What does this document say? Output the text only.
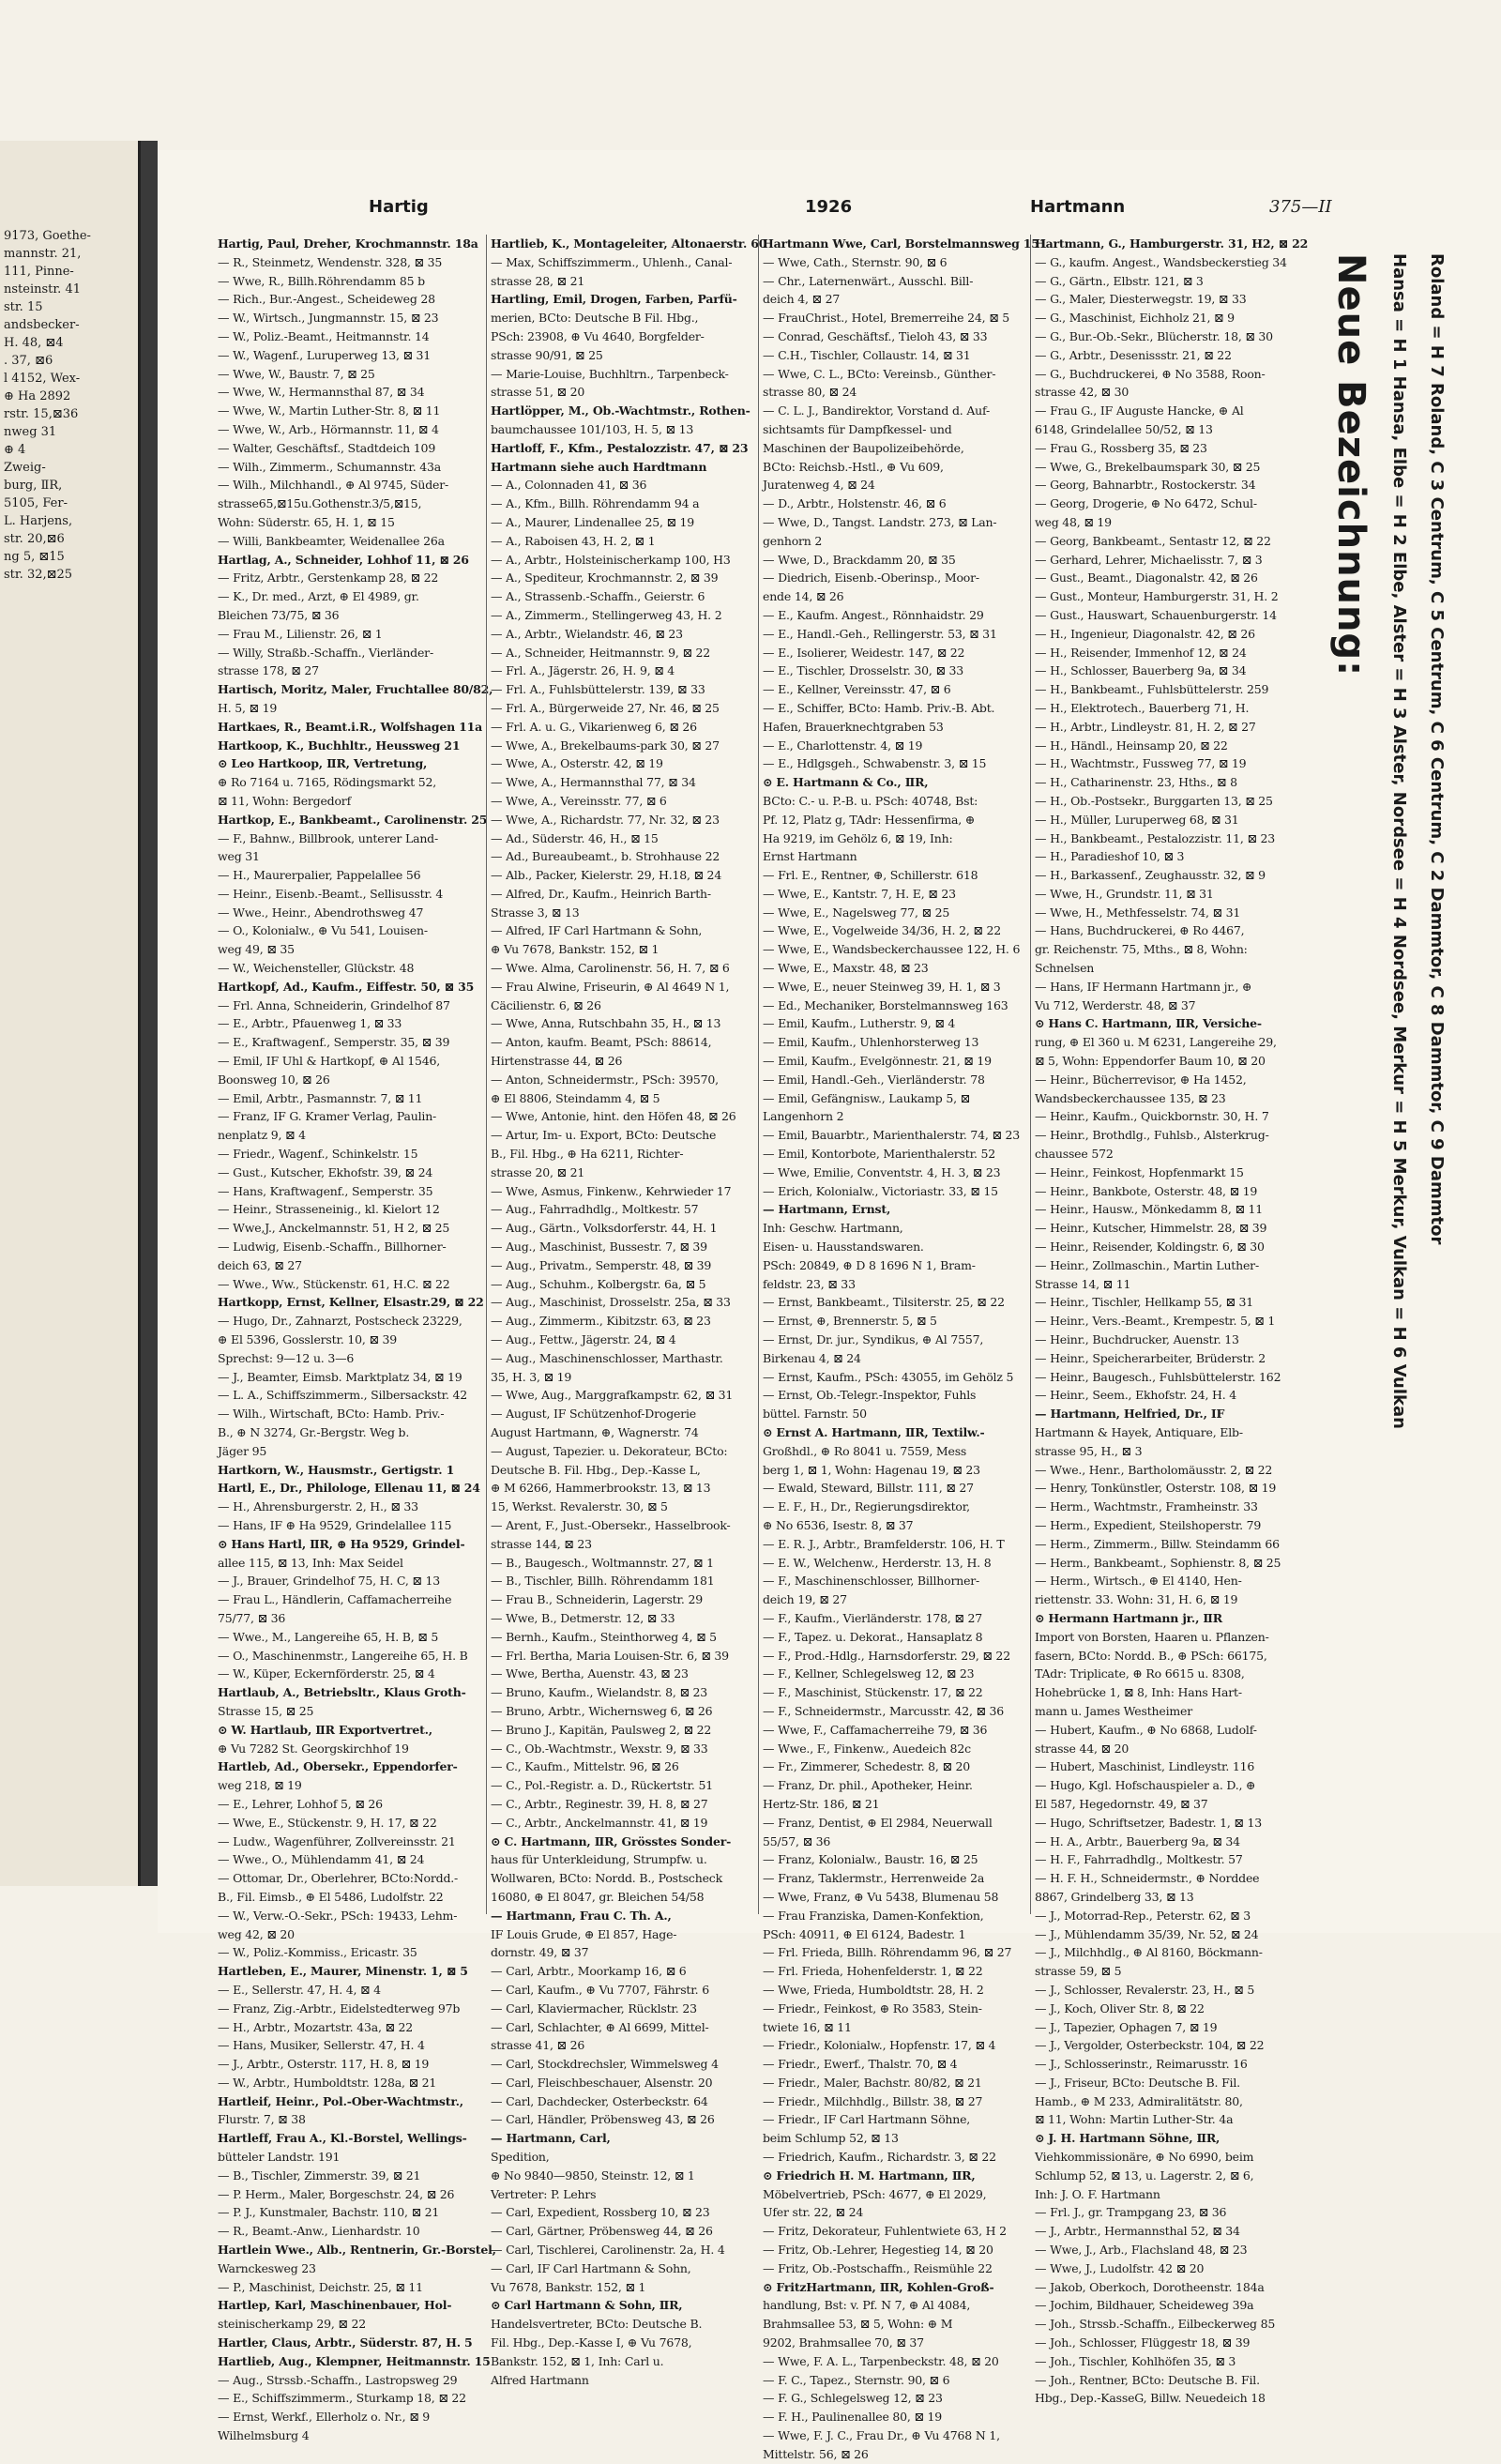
9173, Goethe-
mannstr. 21,
111, Pinne-
nsteinstr. 41
str. 15
andsbecker-
H. 48, ⊠4
. 37, ⊠6
l 4152, Wex-
⊕ Ha 2892
rstr. 15,⊠36
nweg 31
⊕ 4
Zweig-
burg, ⅡR,
5105, Fer-
L. Harjens,
str. 20,⊠6
ng 5, ⊠15
str. 32,⊠25
Hartig	1926	Hartmann	375—II
Hartig, Paul, Dreher, Krochmannstr. 18a
— R., Steinmetz, Wendenstr. 328, ⊠ 35
— Wwe, R., Billh.Röhrendamm 85 b
— Rich., Bur.-Angest., Scheideweg 28
— W., Wirtsch., Jungmannstr. 15, ⊠ 23
— W., Poliz.-Beamt., Heitmannstr. 14
— W., Wagenf., Luruperweg 13, ⊠ 31
— Wwe, W., Baustr. 7, ⊠ 25
— Wwe, W., Hermannsthal 87, ⊠ 34
— Wwe, W., Martin Luther-Str. 8, ⊠ 11
— Wwe, W., Arb., Hörmannstr. 11, ⊠ 4
— Walter, Geschäftsf., Stadtdeich 109
— Wilh., Zimmerm., Schumannstr. 43a
— Wilh., Milchhandl., ⊕ Al 9745, Süder-
strasse65,⊠15u.Gothenstr.3/5,⊠15,
Wohn: Süderstr. 65, H. 1, ⊠ 15
— Willi, Bankbeamter, Weidenallee 26a
Hartlag, A., Schneider, Lohhof 11, ⊠ 26
— Fritz, Arbtr., Gerstenkamp 28, ⊠ 22
— K., Dr. med., Arzt, ⊕ El 4989, gr.
Bleichen 73/75, ⊠ 36
— Frau M., Lilienstr. 26, ⊠ 1
— Willy, Straßb.-Schaffn., Vierländer-
strasse 178, ⊠ 27
Hartisch, Moritz, Maler, Fruchtallee 80/82,
H. 5, ⊠ 19
Hartkaes, R., Beamt.i.R., Wolfshagen 11a
Hartkoop, K., Buchhltr., Heussweg 21
⊙ Leo Hartkoop, ⅡR, Vertretung,
⊕ Ro 7164 u. 7165, Rödingsmarkt 52,
⊠ 11, Wohn: Bergedorf
Hartkop, E., Bankbeamt., Carolinenstr. 25
— F., Bahnw., Billbrook, unterer Land-
weg 31
— H., Maurerpalier, Pappelallee 56
— Heinr., Eisenb.-Beamt., Sellisusstr. 4
— Wwe., Heinr., Abendrothsweg 47
— O., Kolonialw., ⊕ Vu 541, Louisen-
weg 49, ⊠ 35
— W., Weichensteller, Glückstr. 48
Hartkopf, Ad., Kaufm., Eiffestr. 50, ⊠ 35
— Frl. Anna, Schneiderin, Grindelhof 87
— E., Arbtr., Pfauenweg 1, ⊠ 33
— E., Kraftwagenf., Semperstr. 35, ⊠ 39
— Emil, ⅠF Uhl & Hartkopf, ⊕ Al 1546,
Boonsweg 10, ⊠ 26
— Emil, Arbtr., Pasmannstr. 7, ⊠ 11
— Franz, ⅠF G. Kramer Verlag, Paulin-
nenplatz 9, ⊠ 4
— Friedr., Wagenf., Schinkelstr. 15
— Gust., Kutscher, Ekhofstr. 39, ⊠ 24
— Hans, Kraftwagenf., Semperstr. 35
— Heinr., Strasseneinig., kl. Kielort 12
— Wwe,J., Anckelmannstr. 51, H 2, ⊠ 25
— Ludwig, Eisenb.-Schaffn., Billhorner-
deich 63, ⊠ 27
— Wwe., Ww., Stückenstr. 61, H.C. ⊠ 22
Hartkopp, Ernst, Kellner, Elsastr.29, ⊠ 22
— Hugo, Dr., Zahnarzt, Postscheck 23229,
⊕ El 5396, Gosslerstr. 10, ⊠ 39
Sprechst: 9—12 u. 3—6
— J., Beamter, Eimsb. Marktplatz 34, ⊠ 19
— L. A., Schiffszimmerm., Silbersackstr. 42
— Wilh., Wirtschaft, BCto: Hamb. Priv.-
B., ⊕ N 3274, Gr.-Bergstr. Weg b.
Jäger 95
Hartkorn, W., Hausmstr., Gertigstr. 1
Hartl, E., Dr., Philologe, Ellenau 11, ⊠ 24
— H., Ahrensburgerstr. 2, H., ⊠ 33
— Hans, ⅠF ⊕ Ha 9529, Grindelallee 115
⊙ Hans Hartl, ⅡR, ⊕ Ha 9529, Grindel-
allee 115, ⊠ 13, Inh: Max Seidel
— J., Brauer, Grindelhof 75, H. C, ⊠ 13
— Frau L., Händlerin, Caffamacherreihe
75/77, ⊠ 36
— Wwe., M., Langereihe 65, H. B, ⊠ 5
— O., Maschinenmstr., Langereihe 65, H. B
— W., Küper, Eckernförderstr. 25, ⊠ 4
Hartlaub, A., Betriebsltr., Klaus Groth-
Strasse 15, ⊠ 25
⊙ W. Hartlaub, ⅡR Exportvertret.,
⊕ Vu 7282 St. Georgskirchhof 19
Hartleb, Ad., Obersekr., Eppendorfer-
weg 218, ⊠ 19
— E., Lehrer, Lohhof 5, ⊠ 26
— Wwe, E., Stückenstr. 9, H. 17, ⊠ 22
— Ludw., Wagenführer, Zollvereinsstr. 21
— Wwe., O., Mühlendamm 41, ⊠ 24
— Ottomar, Dr., Oberlehrer, BCto:Nordd.-
B., Fil. Eimsb., ⊕ El 5486, Ludolfstr. 22
— W., Verw.-O.-Sekr., PSch: 19433, Lehm-
weg 42, ⊠ 20
— W., Poliz.-Kommiss., Ericastr. 35
Hartleben, E., Maurer, Minenstr. 1, ⊠ 5
— E., Sellerstr. 47, H. 4, ⊠ 4
— Franz, Zig.-Arbtr., Eidelstedterweg 97b
— H., Arbtr., Mozartstr. 43a, ⊠ 22
— Hans, Musiker, Sellerstr. 47, H. 4
— J., Arbtr., Osterstr. 117, H. 8, ⊠ 19
— W., Arbtr., Humboldtstr. 128a, ⊠ 21
Hartleif, Heinr., Pol.-Ober-Wachtmstr.,
Flurstr. 7, ⊠ 38
Hartleff, Frau A., Kl.-Borstel, Wellings-
bütteler Landstr. 191
— B., Tischler, Zimmerstr. 39, ⊠ 21
— P. Herm., Maler, Borgeschstr. 24, ⊠ 26
— P. J., Kunstmaler, Bachstr. 110, ⊠ 21
— R., Beamt.-Anw., Lienhardstr. 10
Hartlein Wwe., Alb., Rentnerin, Gr.-Borstel,
Warnckesweg 23
— P., Maschinist, Deichstr. 25, ⊠ 11
Hartlep, Karl, Maschinenbauer, Hol-
steinischerkamp 29, ⊠ 22
Hartler, Claus, Arbtr., Süderstr. 87, H. 5
Hartlieb, Aug., Klempner, Heitmannstr. 15
— Aug., Strssb.-Schaffn., Lastropsweg 29
— E., Schiffszimmerm., Sturkamp 18, ⊠ 22
— Ernst, Werkf., Ellerholz o. Nr., ⊠ 9
Wilhelmsburg 4
Hartlieb, K., Montageleiter, Altonaerstr. 60
— Max, Schiffszimmerm., Uhlenh., Canal-
strasse 28, ⊠ 21
Hartling, Emil, Drogen, Farben, Parfü-
merien, BCto: Deutsche B Fil. Hbg.,
PSch: 23908, ⊕ Vu 4640, Borgfelder-
strasse 90/91, ⊠ 25
— Marie-Louise, Buchhltrn., Tarpenbeck-
strasse 51, ⊠ 20
Hartlöpper, M., Ob.-Wachtmstr., Rothen-
baumchaussee 101/103, H. 5, ⊠ 13
Hartloff, F., Kfm., Pestalozzistr. 47, ⊠ 23
Hartmann siehe auch Hardtmann
— A., Colonnaden 41, ⊠ 36
— A., Kfm., Billh. Röhrendamm 94 a
— A., Maurer, Lindenallee 25, ⊠ 19
— A., Raboisen 43, H. 2, ⊠ 1
— A., Arbtr., Holsteinischerkamp 100, H3
— A., Spediteur, Krochmannstr. 2, ⊠ 39
— A., Strassenb.-Schaffn., Geierstr. 6
— A., Zimmerm., Stellingerweg 43, H. 2
— A., Arbtr., Wielandstr. 46, ⊠ 23
— A., Schneider, Heitmannstr. 9, ⊠ 22
— Frl. A., Jägerstr. 26, H. 9, ⊠ 4
— Frl. A., Fuhlsbüttelerstr. 139, ⊠ 33
— Frl. A., Bürgerweide 27, Nr. 46, ⊠ 25
— Frl. A. u. G., Vikarienweg 6, ⊠ 26
— Wwe, A., Brekelbaums-park 30, ⊠ 27
— Wwe, A., Osterstr. 42, ⊠ 19
— Wwe, A., Hermannsthal 77, ⊠ 34
— Wwe, A., Vereinsstr. 77, ⊠ 6
— Wwe, A., Richardstr. 77, Nr. 32, ⊠ 23
— Ad., Süderstr. 46, H., ⊠ 15
— Ad., Bureaubeamt., b. Strohhause 22
— Alb., Packer, Kielerstr. 29, H.18, ⊠ 24
— Alfred, Dr., Kaufm., Heinrich Barth-
Strasse 3, ⊠ 13
— Alfred, ⅠF Carl Hartmann & Sohn,
⊕ Vu 7678, Bankstr. 152, ⊠ 1
— Wwe. Alma, Carolinenstr. 56, H. 7, ⊠ 6
— Frau Alwine, Friseurin, ⊕ Al 4649 N 1,
Cäcilienstr. 6, ⊠ 26
— Wwe, Anna, Rutschbahn 35, H., ⊠ 13
— Anton, kaufm. Beamt, PSch: 88614,
Hirtenstrasse 44, ⊠ 26
— Anton, Schneidermstr., PSch: 39570,
⊕ El 8806, Steindamm 4, ⊠ 5
— Wwe, Antonie, hint. den Höfen 48, ⊠ 26
— Artur, Im- u. Export, BCto: Deutsche
B., Fil. Hbg., ⊕ Ha 6211, Richter-
strasse 20, ⊠ 21
— Wwe, Asmus, Finkenw., Kehrwieder 17
— Aug., Fahrradhdlg., Moltkestr. 57
— Aug., Gärtn., Volksdorferstr. 44, H. 1
— Aug., Maschinist, Bussestr. 7, ⊠ 39
— Aug., Privatm., Semperstr. 48, ⊠ 39
— Aug., Schuhm., Kolbergstr. 6a, ⊠ 5
— Aug., Maschinist, Drosselstr. 25a, ⊠ 33
— Aug., Zimmerm., Kibitzstr. 63, ⊠ 23
— Aug., Fettw., Jägerstr. 24, ⊠ 4
— Aug., Maschinenschlosser, Marthastr.
35, H. 3, ⊠ 19
— Wwe, Aug., Marggrafkampstr. 62, ⊠ 31
— August, ⅠF Schützenhof-Drogerie
August Hartmann, ⊕, Wagnerstr. 74
— August, Tapezier. u. Dekorateur, BCto:
Deutsche B. Fil. Hbg., Dep.-Kasse L,
⊕ M 6266, Hammerbrookstr. 13, ⊠ 13
15, Werkst. Revalerstr. 30, ⊠ 5
— Arent, F., Just.-Obersekr., Hasselbrook-
strasse 144, ⊠ 23
— B., Baugesch., Woltmannstr. 27, ⊠ 1
— B., Tischler, Billh. Röhrendamm 181
— Frau B., Schneiderin, Lagerstr. 29
— Wwe, B., Detmerstr. 12, ⊠ 33
— Bernh., Kaufm., Steinthorweg 4, ⊠ 5
— Frl. Bertha, Maria Louisen-Str. 6, ⊠ 39
— Wwe, Bertha, Auenstr. 43, ⊠ 23
— Bruno, Kaufm., Wielandstr. 8, ⊠ 23
— Bruno, Arbtr., Wichernsweg 6, ⊠ 26
— Bruno J., Kapitän, Paulsweg 2, ⊠ 22
— C., Ob.-Wachtmstr., Wexstr. 9, ⊠ 33
— C., Kaufm., Mittelstr. 96, ⊠ 26
— C., Pol.-Registr. a. D., Rückertstr. 51
— C., Arbtr., Reginestr. 39, H. 8, ⊠ 27
— C., Arbtr., Anckelmannstr. 41, ⊠ 19
⊙ C. Hartmann, ⅡR, Grösstes Sonder-
haus für Unterkleidung, Strumpfw. u.
Wollwaren, BCto: Nordd. B., Postscheck
16080, ⊕ El 8047, gr. Bleichen 54/58
— Hartmann, Frau C. Th. A.,
ⅠF Louis Grude, ⊕ El 857, Hage-
dornstr. 49, ⊠ 37
— Carl, Arbtr., Moorkamp 16, ⊠ 6
— Carl, Kaufm., ⊕ Vu 7707, Fährstr. 6
— Carl, Klaviermacher, Rücklstr. 23
— Carl, Schlachter, ⊕ Al 6699, Mittel-
strasse 41, ⊠ 26
— Carl, Stockdrechsler, Wimmelsweg 4
— Carl, Fleischbeschauer, Alsenstr. 20
— Carl, Dachdecker, Osterbeckstr. 64
— Carl, Händler, Pröbensweg 43, ⊠ 26
— Hartmann, Carl,
Spedition,
⊕ No 9840—9850, Steinstr. 12, ⊠ 1
Vertreter: P. Lehrs
— Carl, Expedient, Rossberg 10, ⊠ 23
— Carl, Gärtner, Pröbensweg 44, ⊠ 26
— Carl, Tischlerei, Carolinenstr. 2a, H. 4
— Carl, ⅠF Carl Hartmann & Sohn,
Vu 7678, Bankstr. 152, ⊠ 1
⊙ Carl Hartmann & Sohn, ⅡR,
Handelsvertreter, BCto: Deutsche B.
Fil. Hbg., Dep.-Kasse I, ⊕ Vu 7678,
Bankstr. 152, ⊠ 1, Inh: Carl u.
Alfred Hartmann
Hartmann Wwe, Carl, Borstelmannsweg 151
— Wwe, Cath., Sternstr. 90, ⊠ 6
— Chr., Laternenwärt., Ausschl. Bill-
deich 4, ⊠ 27
— FrauChrist., Hotel, Bremerreihe 24, ⊠ 5
— Conrad, Geschäftsf., Tieloh 43, ⊠ 33
— C.H., Tischler, Collaustr. 14, ⊠ 31
— Wwe, C. L., BCto: Vereinsb., Günther-
strasse 80, ⊠ 24
— C. L. J., Bandirektor, Vorstand d. Auf-
sichtsamts für Dampfkessel- und
Maschinen der Baupolizeibehörde,
BCto: Reichsb.-Hstl., ⊕ Vu 609,
Juratenweg 4, ⊠ 24
— D., Arbtr., Holstenstr. 46, ⊠ 6
— Wwe, D., Tangst. Landstr. 273, ⊠ Lan-
genhorn 2
— Wwe, D., Brackdamm 20, ⊠ 35
— Diedrich, Eisenb.-Oberinsp., Moor-
ende 14, ⊠ 26
— E., Kaufm. Angest., Rönnhaidstr. 29
— E., Handl.-Geh., Rellingerstr. 53, ⊠ 31
— E., Isolierer, Weidestr. 147, ⊠ 22
— E., Tischler, Drosselstr. 30, ⊠ 33
— E., Kellner, Vereinsstr. 47, ⊠ 6
— E., Schiffer, BCto: Hamb. Priv.-B. Abt.
Hafen, Brauerknechtgraben 53
— E., Charlottenstr. 4, ⊠ 19
— E., Hdlgsgeh., Schwabenstr. 3, ⊠ 15
⊙ E. Hartmann & Co., ⅡR,
BCto: C.- u. P.-B. u. PSch: 40748, Bst:
Pf. 12, Platz g, TAdr: Hessenfirma, ⊕
Ha 9219, im Gehölz 6, ⊠ 19, Inh:
Ernst Hartmann
— Frl. E., Rentner, ⊕, Schillerstr. 618
— Wwe, E., Kantstr. 7, H. E, ⊠ 23
— Wwe, E., Nagelsweg 77, ⊠ 25
— Wwe, E., Vogelweide 34/36, H. 2, ⊠ 22
— Wwe, E., Wandsbeckerchaussee 122, H. 6
— Wwe, E., Maxstr. 48, ⊠ 23
— Wwe, E., neuer Steinweg 39, H. 1, ⊠ 3
— Ed., Mechaniker, Borstelmannsweg 163
— Emil, Kaufm., Lutherstr. 9, ⊠ 4
— Emil, Kaufm., Uhlenhorsterweg 13
— Emil, Kaufm., Evelgönnestr. 21, ⊠ 19
— Emil, Handl.-Geh., Vierländerstr. 78
— Emil, Gefängnisw., Laukamp 5, ⊠
Langenhorn 2
— Emil, Bauarbtr., Marienthalerstr. 74, ⊠ 23
— Emil, Kontorbote, Marienthalerstr. 52
— Wwe, Emilie, Conventstr. 4, H. 3, ⊠ 23
— Erich, Kolonialw., Victoriastr. 33, ⊠ 15
— Hartmann, Ernst,
Inh: Geschw. Hartmann,
Eisen- u. Hausstandswaren.
PSch: 20849, ⊕ D 8 1696 N 1, Bram-
feldstr. 23, ⊠ 33
— Ernst, Bankbeamt., Tilsiterstr. 25, ⊠ 22
— Ernst, ⊕, Brennerstr. 5, ⊠ 5
— Ernst, Dr. jur., Syndikus, ⊕ Al 7557,
Birkenau 4, ⊠ 24
— Ernst, Kaufm., PSch: 43055, im Gehölz 5
— Ernst, Ob.-Telegr.-Inspektor, Fuhls
büttel. Farnstr. 50
⊙ Ernst A. Hartmann, ⅡR, Textilw.-
Großhdl., ⊕ Ro 8041 u. 7559, Mess
berg 1, ⊠ 1, Wohn: Hagenau 19, ⊠ 23
— Ewald, Steward, Billstr. 111, ⊠ 27
— E. F., H., Dr., Regierungsdirektor,
⊕ No 6536, Isestr. 8, ⊠ 37
— E. R. J., Arbtr., Bramfelderstr. 106, H. T
— E. W., Welchenw., Herderstr. 13, H. 8
— F., Maschinenschlosser, Billhorner-
deich 19, ⊠ 27
— F., Kaufm., Vierländerstr. 178, ⊠ 27
— F., Tapez. u. Dekorat., Hansaplatz 8
— F., Prod.-Hdlg., Harnsdorferstr. 29, ⊠ 22
— F., Kellner, Schlegelsweg 12, ⊠ 23
— F., Maschinist, Stückenstr. 17, ⊠ 22
— F., Schneidermstr., Marcusstr. 42, ⊠ 36
— Wwe, F., Caffamacherreihe 79, ⊠ 36
— Wwe., F., Finkenw., Auedeich 82c
— Fr., Zimmerer, Schedestr. 8, ⊠ 20
— Franz, Dr. phil., Apotheker, Heinr.
Hertz-Str. 186, ⊠ 21
— Franz, Dentist, ⊕ El 2984, Neuerwall
55/57, ⊠ 36
— Franz, Kolonialw., Baustr. 16, ⊠ 25
— Franz, Taklermstr., Herrenweide 2a
— Wwe, Franz, ⊕ Vu 5438, Blumenau 58
— Frau Franziska, Damen-Konfektion,
PSch: 40911, ⊕ El 6124, Badestr. 1
— Frl. Frieda, Billh. Röhrendamm 96, ⊠ 27
— Frl. Frieda, Hohenfelderstr. 1, ⊠ 22
— Wwe, Frieda, Humboldtstr. 28, H. 2
— Friedr., Feinkost, ⊕ Ro 3583, Stein-
twiete 16, ⊠ 11
— Friedr., Kolonialw., Hopfenstr. 17, ⊠ 4
— Friedr., Ewerf., Thalstr. 70, ⊠ 4
— Friedr., Maler, Bachstr. 80/82, ⊠ 21
— Friedr., Milchhdlg., Billstr. 38, ⊠ 27
— Friedr., ⅠF Carl Hartmann Söhne,
beim Schlump 52, ⊠ 13
— Friedrich, Kaufm., Richardstr. 3, ⊠ 22
⊙ Friedrich H. M. Hartmann, ⅡR,
Möbelvertrieb, PSch: 4677, ⊕ El 2029,
Ufer str. 22, ⊠ 24
— Fritz, Dekorateur, Fuhlentwiete 63, H 2
— Fritz, Ob.-Lehrer, Hegestieg 14, ⊠ 20
— Fritz, Ob.-Postschaffn., Reismühle 22
⊙ FritzHartmann, ⅡR, Kohlen-Groß-
handlung, Bst: v. Pf. N 7, ⊕ Al 4084,
Brahmsallee 53, ⊠ 5, Wohn: ⊕ M
9202, Brahmsallee 70, ⊠ 37
— Wwe, F. A. L., Tarpenbeckstr. 48, ⊠ 20
— F. C., Tapez., Sternstr. 90, ⊠ 6
— F. G., Schlegelsweg 12, ⊠ 23
— F. H., Paulinenallee 80, ⊠ 19
— Wwe, F. J. C., Frau Dr., ⊕ Vu 4768 N 1,
Mittelstr. 56, ⊠ 26
Hartmann, G., Hamburgerstr. 31, H2, ⊠ 22
— G., kaufm. Angest., Wandsbeckerstieg 34
— G., Gärtn., Elbstr. 121, ⊠ 3
— G., Maler, Diesterwegstr. 19, ⊠ 33
— G., Maschinist, Eichholz 21, ⊠ 9
— G., Bur.-Ob.-Sekr., Blücherstr. 18, ⊠ 30
— G., Arbtr., Desenissstr. 21, ⊠ 22
— G., Buchdruckerei, ⊕ No 3588, Roon-
strasse 42, ⊠ 30
— Frau G., ⅠF Auguste Hancke, ⊕ Al
6148, Grindelallee 50/52, ⊠ 13
— Frau G., Rossberg 35, ⊠ 23
— Wwe, G., Brekelbaumspark 30, ⊠ 25
— Georg, Bahnarbtr., Rostockerstr. 34
— Georg, Drogerie, ⊕ No 6472, Schul-
weg 48, ⊠ 19
— Georg, Bankbeamt., Sentastr 12, ⊠ 22
— Gerhard, Lehrer, Michaelisstr. 7, ⊠ 3
— Gust., Beamt., Diagonalstr. 42, ⊠ 26
— Gust., Monteur, Hamburgerstr. 31, H. 2
— Gust., Hauswart, Schauenburgerstr. 14
— H., Ingenieur, Diagonalstr. 42, ⊠ 26
— H., Reisender, Immenhof 12, ⊠ 24
— H., Schlosser, Bauerberg 9a, ⊠ 34
— H., Bankbeamt., Fuhlsbüttelerstr. 259
— H., Elektrotech., Bauerberg 71, H.
— H., Arbtr., Lindleystr. 81, H. 2, ⊠ 27
— H., Händl., Heinsamp 20, ⊠ 22
— H., Wachtmstr., Fussweg 77, ⊠ 19
— H., Catharinenstr. 23, Hths., ⊠ 8
— H., Ob.-Postsekr., Burggarten 13, ⊠ 25
— H., Müller, Luruperweg 68, ⊠ 31
— H., Bankbeamt., Pestalozzistr. 11, ⊠ 23
— H., Paradieshof 10, ⊠ 3
— H., Barkassenf., Zeughausstr. 32, ⊠ 9
— Wwe, H., Grundstr. 11, ⊠ 31
— Wwe, H., Methfesselstr. 74, ⊠ 31
— Hans, Buchdruckerei, ⊕ Ro 4467,
gr. Reichenstr. 75, Mths., ⊠ 8, Wohn:
Schnelsen
— Hans, ⅠF Hermann Hartmann jr., ⊕
Vu 712, Werderstr. 48, ⊠ 37
⊙ Hans C. Hartmann, ⅡR, Versiche-
rung, ⊕ El 360 u. M 6231, Langereihe 29,
⊠ 5, Wohn: Eppendorfer Baum 10, ⊠ 20
— Heinr., Bücherrevisor, ⊕ Ha 1452,
Wandsbeckerchaussee 135, ⊠ 23
— Heinr., Kaufm., Quickbornstr. 30, H. 7
— Heinr., Brothdlg., Fuhlsb., Alsterkrug-
chaussee 572
— Heinr., Feinkost, Hopfenmarkt 15
— Heinr., Bankbote, Osterstr. 48, ⊠ 19
— Heinr., Hausw., Mönkedamm 8, ⊠ 11
— Heinr., Kutscher, Himmelstr. 28, ⊠ 39
— Heinr., Reisender, Koldingstr. 6, ⊠ 30
— Heinr., Zollmaschin., Martin Luther-
Strasse 14, ⊠ 11
— Heinr., Tischler, Hellkamp 55, ⊠ 31
— Heinr., Vers.-Beamt., Krempestr. 5, ⊠ 1
— Heinr., Buchdrucker, Auenstr. 13
— Heinr., Speicherarbeiter, Brüderstr. 2
— Heinr., Baugesch., Fuhlsbüttelerstr. 162
— Heinr., Seem., Ekhofstr. 24, H. 4
— Hartmann, Helfried, Dr., ⅠF
Hartmann & Hayek, Antiquare, Elb-
strasse 95, H., ⊠ 3
— Wwe., Henr., Bartholomäusstr. 2, ⊠ 22
— Henry, Tonkünstler, Osterstr. 108, ⊠ 19
— Herm., Wachtmstr., Framheinstr. 33
— Herm., Expedient, Steilshoperstr. 79
— Herm., Zimmerm., Billw. Steindamm 66
— Herm., Bankbeamt., Sophienstr. 8, ⊠ 25
— Herm., Wirtsch., ⊕ El 4140, Hen-
riettenstr. 33. Wohn: 31, H. 6, ⊠ 19
⊙ Hermann Hartmann jr., ⅡR
Import von Borsten, Haaren u. Pflanzen-
fasern, BCto: Nordd. B., ⊕ PSch: 66175,
TAdr: Triplicate, ⊕ Ro 6615 u. 8308,
Hohebrücke 1, ⊠ 8, Inh: Hans Hart-
mann u. James Westheimer
— Hubert, Kaufm., ⊕ No 6868, Ludolf-
strasse 44, ⊠ 20
— Hubert, Maschinist, Lindleystr. 116
— Hugo, Kgl. Hofschauspieler a. D., ⊕
El 587, Hegedornstr. 49, ⊠ 37
— Hugo, Schriftsetzer, Badestr. 1, ⊠ 13
— H. A., Arbtr., Bauerberg 9a, ⊠ 34
— H. F., Fahrradhdlg., Moltkestr. 57
— H. F. H., Schneidermstr., ⊕ Norddee
8867, Grindelberg 33, ⊠ 13
— J., Motorrad-Rep., Peterstr. 62, ⊠ 3
— J., Mühlendamm 35/39, Nr. 52, ⊠ 24
— J., Milchhdlg., ⊕ Al 8160, Böckmann-
strasse 59, ⊠ 5
— J., Schlosser, Revalerstr. 23, H., ⊠ 5
— J., Koch, Oliver Str. 8, ⊠ 22
— J., Tapezier, Ophagen 7, ⊠ 19
— J., Vergolder, Osterbeckstr. 104, ⊠ 22
— J., Schlosserinstr., Reimarusstr. 16
— J., Friseur, BCto: Deutsche B. Fil.
Hamb., ⊕ M 233, Admiralitätstr. 80,
⊠ 11, Wohn: Martin Luther-Str. 4a
⊙ J. H. Hartmann Söhne, ⅡR,
Viehkommissionäre, ⊕ No 6990, beim
Schlump 52, ⊠ 13, u. Lagerstr. 2, ⊠ 6,
Inh: J. O. F. Hartmann
— Frl. J., gr. Trampgang 23, ⊠ 36
— J., Arbtr., Hermannsthal 52, ⊠ 34
— Wwe, J., Arb., Flachsland 48, ⊠ 23
— Wwe, J., Ludolfstr. 42 ⊠ 20
— Jakob, Oberkoch, Dorotheenstr. 184a
— Jochim, Bildhauer, Scheideweg 39a
— Joh., Strssb.-Schaffn., Eilbeckerweg 85
— Joh., Schlosser, Flüggestr 18, ⊠ 39
— Joh., Tischler, Kohlhöfen 35, ⊠ 3
— Joh., Rentner, BCto: Deutsche B. Fil.
Hbg., Dep.-KasseG, Billw. Neuedeich 18
Neue Bezeichnung: Hansa = H 1 Hansa, Elbe = H 2 Elbe, Alster = H 3 Alster, Nordsee = H 4 Nordsee, Merkur = H 5 Merkur, Vulkan = H 6 Vulkan Roland = H 7 Roland, C 3 Centrum, C 5 Centrum, C 6 Centrum, C 2 Dammtor, C 8 Dammtor, C 9 Dammtor
